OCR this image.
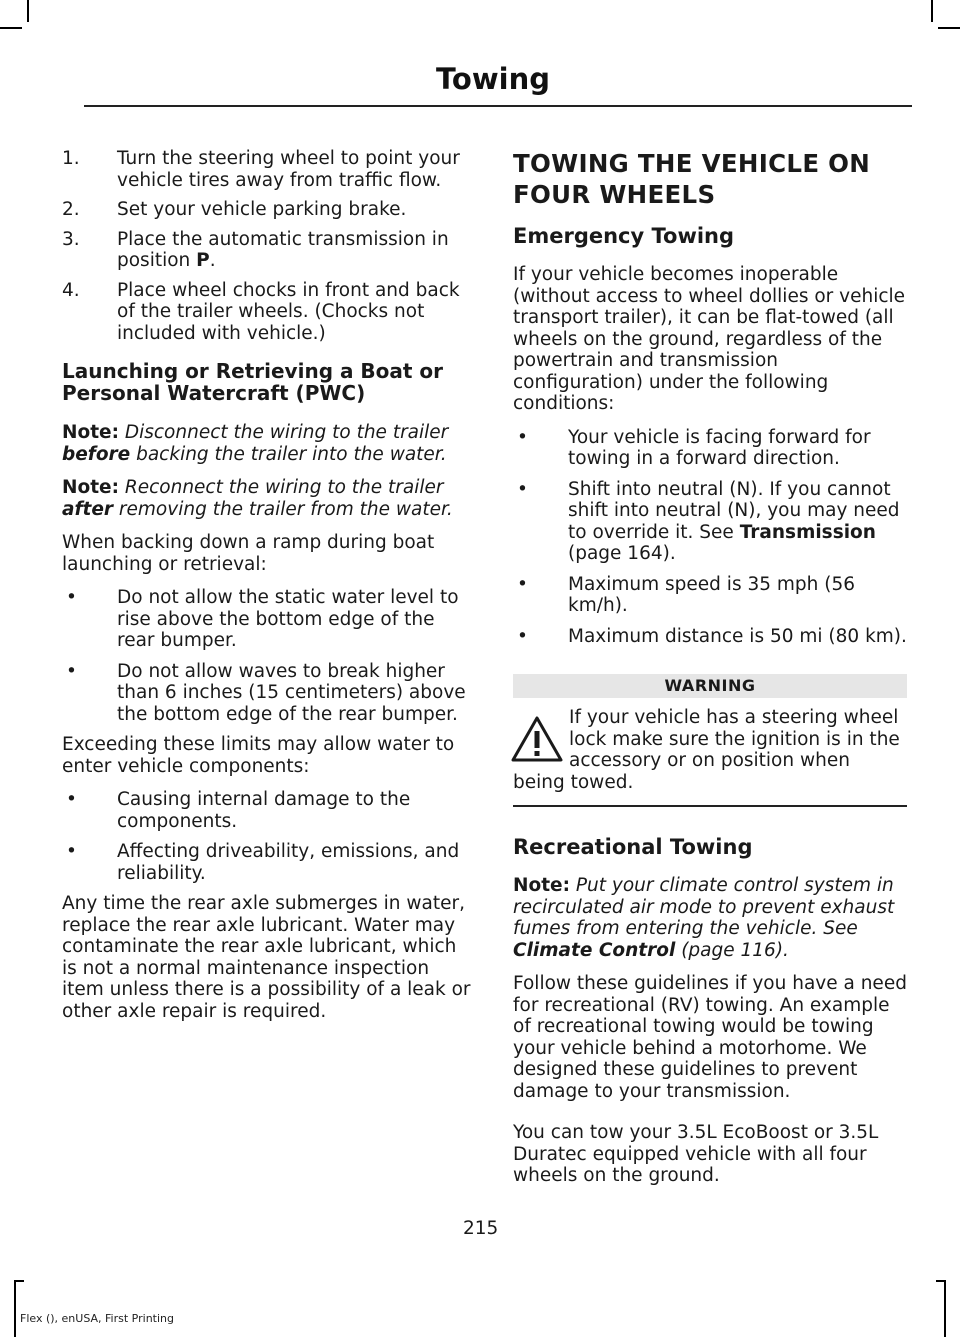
Towing
1. Turn the steering wheel to point your vehicle tires away from traffic flow.
2. Set your vehicle parking brake.
3. Place the automatic transmission in position P.
4. Place wheel chocks in front and back of the trailer wheels. (Chocks not included with vehicle.)
Launching or Retrieving a Boat or Personal Watercraft (PWC)

Note: Disconnect the wiring to the trailer before backing the trailer into the water.

Note: Reconnect the wiring to the trailer after removing the trailer from the water.

When backing down a ramp during boat launching or retrieval:

• Do not allow the static water level to rise above the bottom edge of the rear bumper.
• Do not allow waves to break higher than 6 inches (15 centimeters) above the bottom edge of the rear bumper.

Exceeding these limits may allow water to enter vehicle components:

• Causing internal damage to the components.
• Affecting driveability, emissions, and reliability.

Any time the rear axle submerges in water, replace the rear axle lubricant. Water may contaminate the rear axle lubricant, which is not a normal maintenance inspection item unless there is a possibility of a leak or other axle repair is required.

TOWING THE VEHICLE ON
FOUR WHEELS
Emergency Towing

If your vehicle becomes inoperable (without access to wheel dollies or vehicle transport trailer), it can be flat-towed (all wheels on the ground, regardless of the powertrain and transmission configuration) under the following conditions:

• Your vehicle is facing forward for towing in a forward direction.
• Shift into neutral (N). If you cannot shift into neutral (N), you may need to override it. See Transmission (page 164).
• Maximum speed is 35 mph (56 km/h).
• Maximum distance is 50 mi (80 km).
WARNING
If your vehicle has a steering wheel lock make sure the ignition is in the accessory or on position when being towed.
Recreational Towing

Note: Put your climate control system in recirculated air mode to prevent exhaust fumes from entering the vehicle. See Climate Control (page 116).

Follow these guidelines if you have a need for recreational (RV) towing. An example of recreational towing would be towing your vehicle behind a motorhome. We designed these guidelines to prevent damage to your transmission.

You can tow your 3.5L EcoBoost or 3.5L Duratec equipped vehicle with all four wheels on the ground.

215
Flex (), enUSA, First Printing
